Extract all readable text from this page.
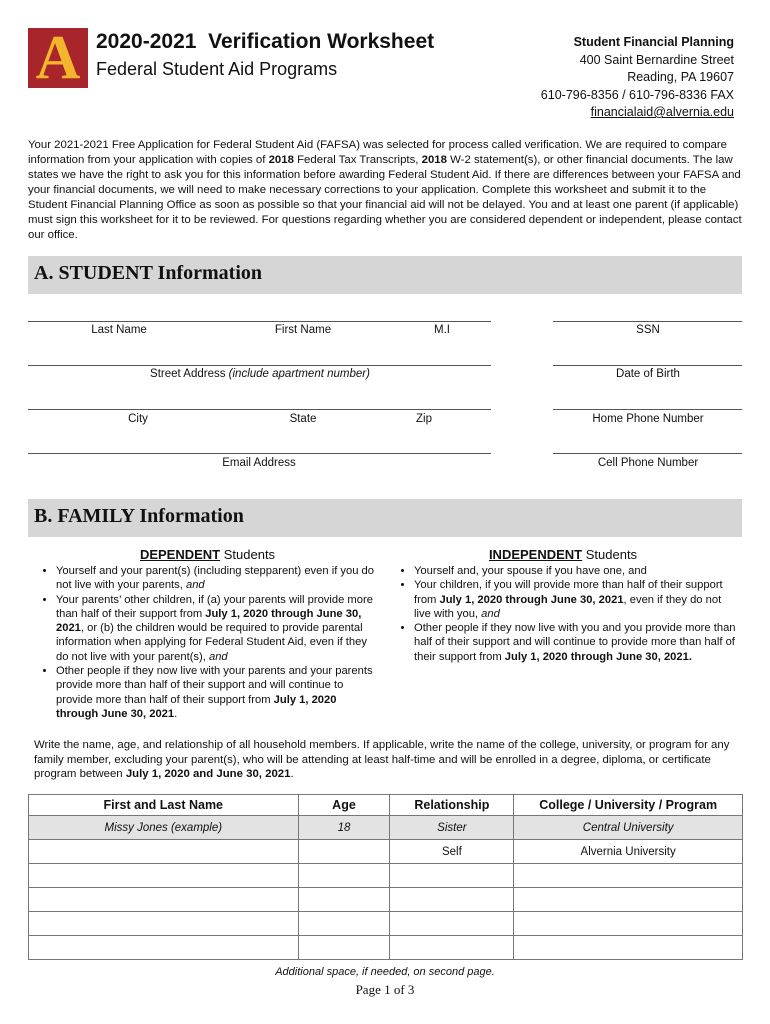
A 2020-2021  Verification Worksheet
Federal Student Aid Programs
Student Financial Planning
400 Saint Bernardine Street
Reading, PA 19607
610-796-8356 / 610-796-8336 FAX
financialaid@alvernia.edu
Your 2021-2021 Free Application for Federal Student Aid (FAFSA) was selected for process called verification. We are required to compare information from your application with copies of 2018 Federal Tax Transcripts, 2018 W-2 statement(s), or other financial documents. The law states we have the right to ask you for this information before awarding Federal Student Aid. If there are differences between your FAFSA and your financial documents, we will need to make necessary corrections to your application. Complete this worksheet and submit it to the Student Financial Planning Office as soon as possible so that your financial aid will not be delayed. You and at least one parent (if applicable) must sign this worksheet for it to be reviewed. For questions regarding whether you are considered dependent or independent, please contact our office.
A. STUDENT Information
Last Name	First Name	M.I	SSN
Street Address (include apartment number)	Date of Birth
City	State	Zip	Home Phone Number
Email Address	Cell Phone Number
B. FAMILY Information
DEPENDENT Students	INDEPENDENT Students
• Yourself and your parent(s) (including stepparent) even if you do not live with your parents, and
• Your parents’ other children, if (a) your parents will provide more than half of their support from July 1, 2020 through June 30, 2021, or (b) the children would be required to provide parental information when applying for Federal Student Aid, even if they do not live with your parent(s), and
• Other people if they now live with your parents and your parents provide more than half of their support and will continue to provide more than half of their support from July 1, 2020 through June 30, 2021.
• Yourself and, your spouse if you have one, and
• Your children, if you will provide more than half of their support from July 1, 2020 through June 30, 2021, even if they do not live with you, and
• Other people if they now live with you and you provide more than half of their support and will continue to provide more than half of their support from July 1, 2020 through June 30, 2021.
Write the name, age, and relationship of all household members. If applicable, write the name of the college, university, or program for any family member, excluding your parent(s), who will be attending at least half-time and will be enrolled in a degree, diploma, or certificate program between July 1, 2020 and June 30, 2021.
First and Last Name	Age	Relationship	College / University / Program
Missy Jones (example)	18	Sister	Central University
		Self	Alvernia University

Additional space, if needed, on second page.
Page 1 of 3
